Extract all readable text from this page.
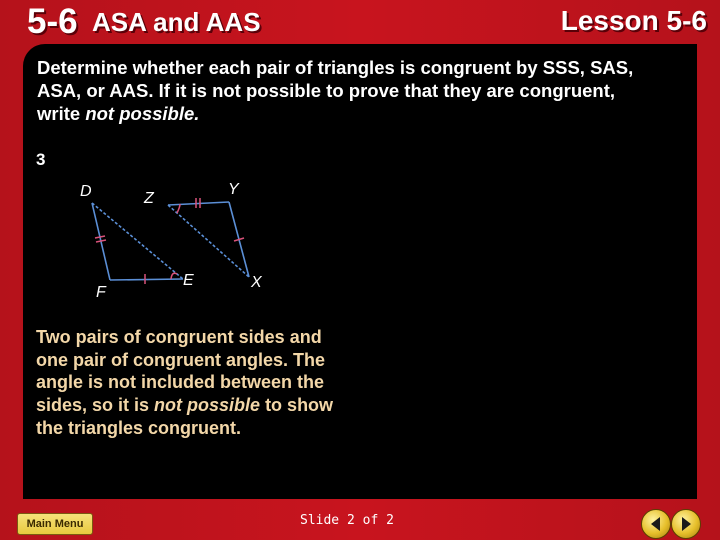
5-6 ASA and AAS	Lesson 5-6
Determine whether each pair of triangles is congruent by SSS, SAS,
ASA, or AAS. If it is not possible to prove that they are congruent,
write not possible.
3
D	Z
Y
F
E	X
Two pairs of congruent sides and one pair of congruent angles. The angle is not included between the sides, so it is not possible to show the triangles congruent.
Main Menu	Slide 2 of 2
